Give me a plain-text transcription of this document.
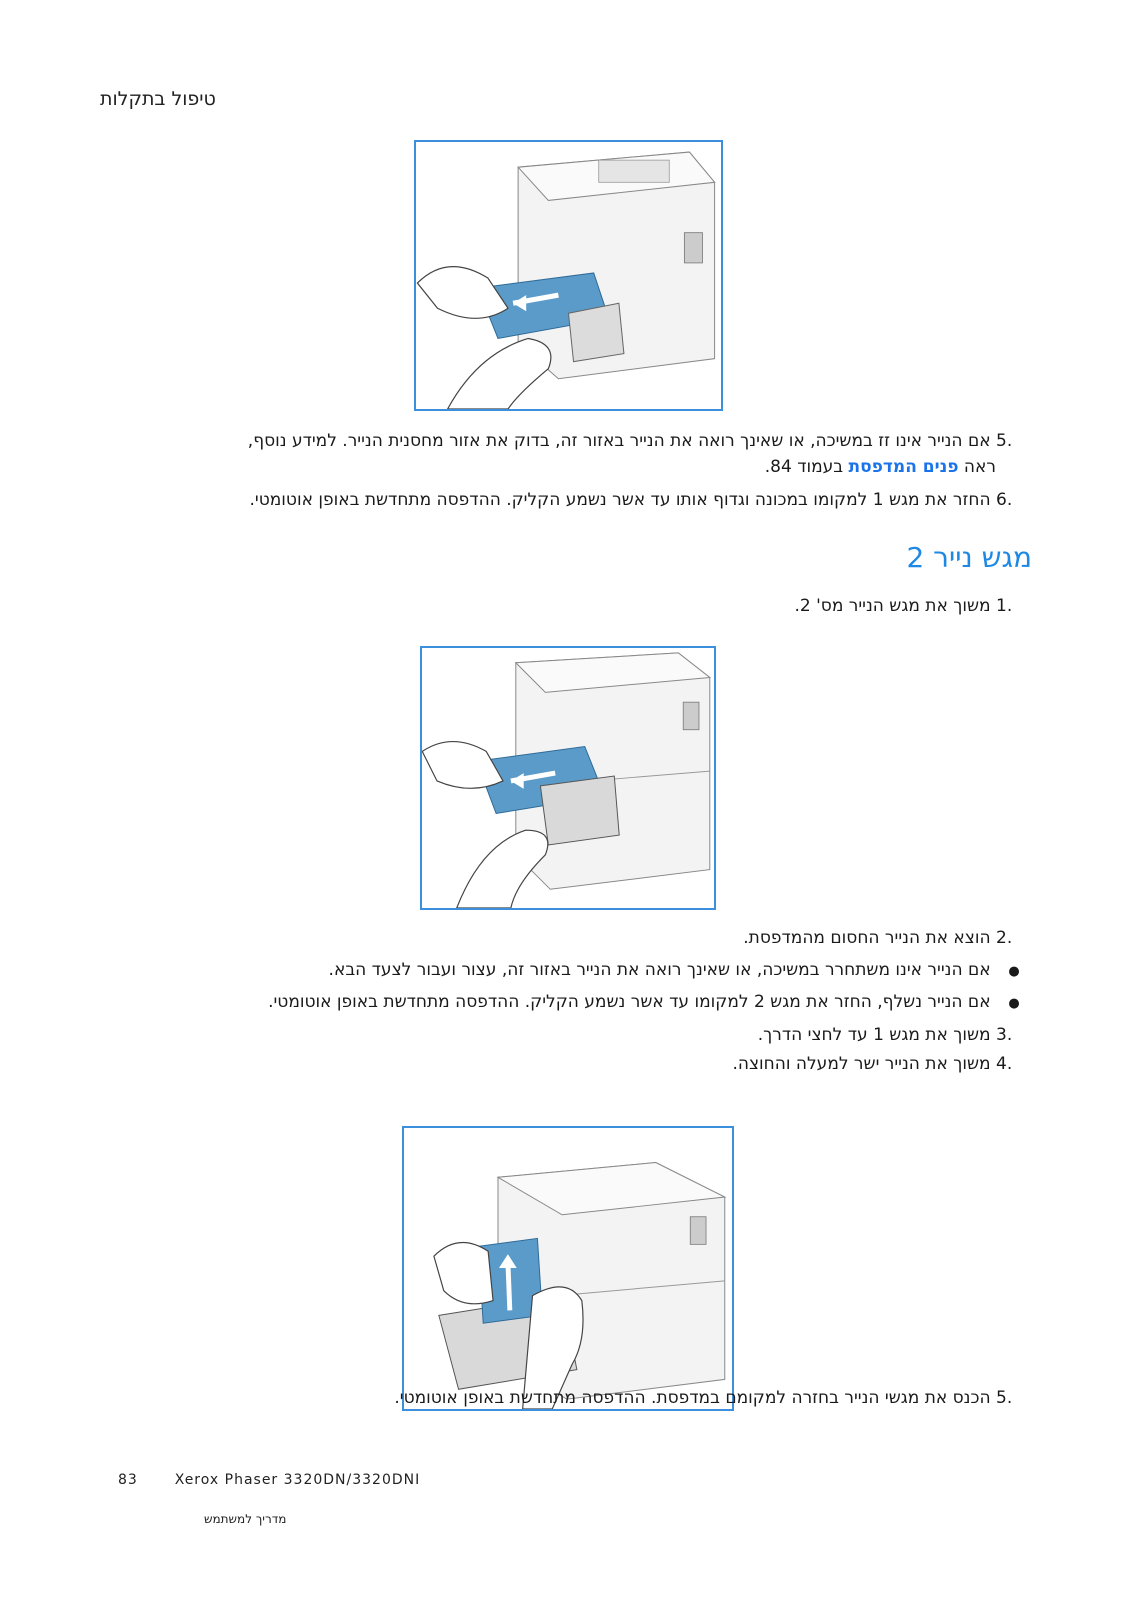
טיפול בתקלות
.5 אם הנייר אינו זז במשיכה, או שאינך רואה את הנייר באזור זה, בדוק את אזור מחסנית הנייר. למידע נוסף,
ראה פנים המדפסת בעמוד 84.
.6 החזר את מגש 1 למקומו במכונה וגדוף אותו עד אשר נשמע הקליק. ההדפסה מתחדשת באופן אוטומטי.
מגש נייר 2
.1 משוך את מגש הנייר מס' 2.
.2 הוצא את הנייר החסום מהמדפסת.
● אם הנייר אינו משתחרר במשיכה, או שאינך רואה את הנייר באזור זה, עצור ועבור לצעד הבא.
● אם הנייר נשלף, החזר את מגש 2 למקומו עד אשר נשמע הקליק. ההדפסה מתחדשת באופן אוטומטי.
.3 משוך את מגש 1 עד לחצי הדרך.
.4 משוך את הנייר ישר למעלה והחוצה.
.5 הכנס את מגשי הנייר בחזרה למקומם במדפסת. ההדפסה מתחדשת באופן אוטומטי.
83	Xerox Phaser 3320DN/3320DNI
מדריך למשתמש
